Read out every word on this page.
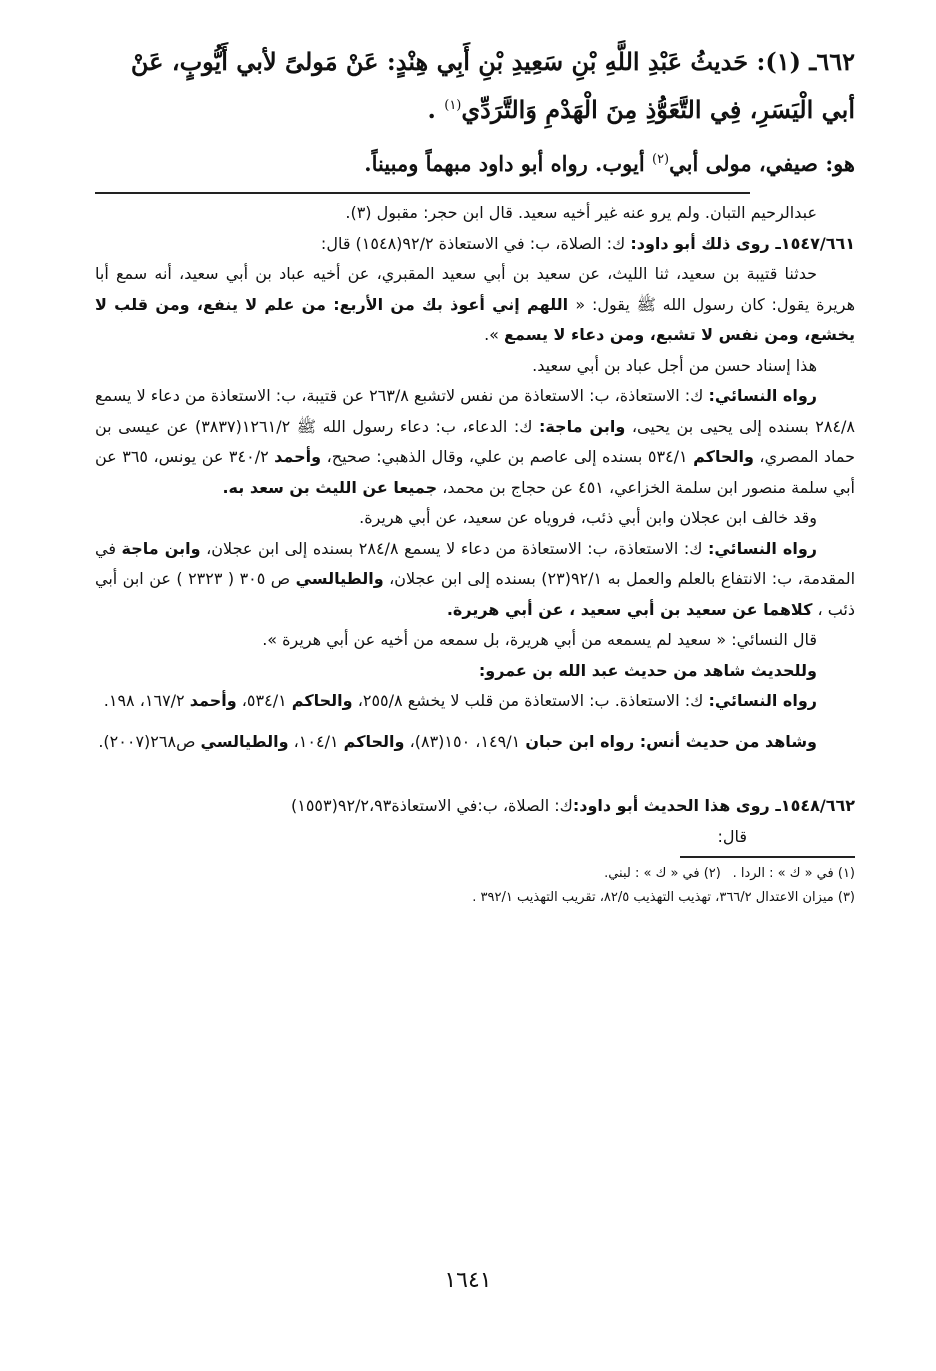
٦٦٢ـ (١): حَديثُ عَبْدِ اللَّهِ بْنِ سَعِيدِ بْنِ أَبِي هِنْدٍ: عَنْ مَولىً لأبي أَيُّوبٍ، عَنْ

أبي الْيَسَرِ، فِي التَّعَوُّذِ مِنَ الْهَدْمِ وَالتَّرَدِّي$^{(١)}$ .

هو: صيفي، مولى أبي$^{(٢)}$ أيوب. رواه أبو داود مبهماً ومبيناً.

عبدالرحيم التبان. ولم يرو عنه غير أخيه سعيد. قال ابن حجر: مقبول (٣).

١٥٤٧/٦٦١ـ روى ذلك أبو داود: ك: الصلاة، ب: في الاستعاذة ٩٢/٢(١٥٤٨) قال:

حدثنا قتيبة بن سعيد، ثنا الليث، عن سعيد بن أبي سعيد المقبري، عن أخيه عباد بن أبي سعيد، أنه سمع أبا هريرة يقول: كان رسول الله ﷺ يقول: « اللهم إني أعوذ بك من الأربع: من علم لا ينفع، ومن قلب لا يخشع، ومن نفس لا تشبع، ومن دعاء لا يسمع ».

هذا إسناد حسن من أجل عباد بن أبي سعيد.

رواه النسائي: ك: الاستعاذة، ب: الاستعاذة من نفس لاتشبع ٢٦٣/٨ عن قتيبة، ب: الاستعاذة من دعاء لا يسمع ٢٨٤/٨ بسنده إلى يحيى بن يحيى، وابن ماجة: ك: الدعاء، ب: دعاء رسول الله ﷺ ١٢٦١/٢(٣٨٣٧) عن عيسى بن حماد المصري، والحاكم ٥٣٤/١ بسنده إلى عاصم بن علي، وقال الذهبي: صحيح، وأحمد ٣٤٠/٢ عن يونس، ٣٦٥ عن أبي سلمة منصور ابن سلمة الخزاعي، ٤٥١ عن حجاج بن محمد، جميعا عن الليث بن سعد به.

وقد خالف ابن عجلان وابن أبي ذئب، فروياه عن سعيد، عن أبي هريرة.

رواه النسائي: ك: الاستعاذة، ب: الاستعاذة من دعاء لا يسمع ٢٨٤/٨ بسنده إلى ابن عجلان، وابن ماجة في المقدمة، ب: الانتفاع بالعلم والعمل به ٩٢/١(٢٣) بسنده إلى ابن عجلان، والطيالسي ص ٣٠٥ ( ٢٣٢٣ ) عن ابن أبي ذئب ، كلاهما عن سعيد بن أبي سعيد ، عن أبي هريرة.

قال النسائي: « سعيد لم يسمعه من أبي هريرة، بل سمعه من أخيه عن أبي هريرة ».

وللحديث شاهد من حديث عبد الله بن عمرو:

رواه النسائي: ك: الاستعاذة. ب: الاستعاذة من قلب لا يخشع ٢٥٥/٨، والحاكم ٥٣٤/١، وأحمد ١٦٧/٢، ١٩٨.

وشاهد من حديث أنس: رواه ابن حبان ١٤٩/١، ١٥٠(٨٣)، والحاكم ١٠٤/١، والطيالسي ص٢٦٨(٢٠٠٧).

١٥٤٨/٦٦٢ـ روى هذا الحديث أبو داود:ك: الصلاة، ب:في الاستعاذة٩٢/٢،٩٣(١٥٥٣)

قال:

(١) في « ك » : الردا . (٢) في « ك » : لبني.

(٣) ميزان الاعتدال ٣٦٦/٢، تهذيب التهذيب ٨٢/٥، تقريب التهذيب ٣٩٢/١ .

١٦٤١
